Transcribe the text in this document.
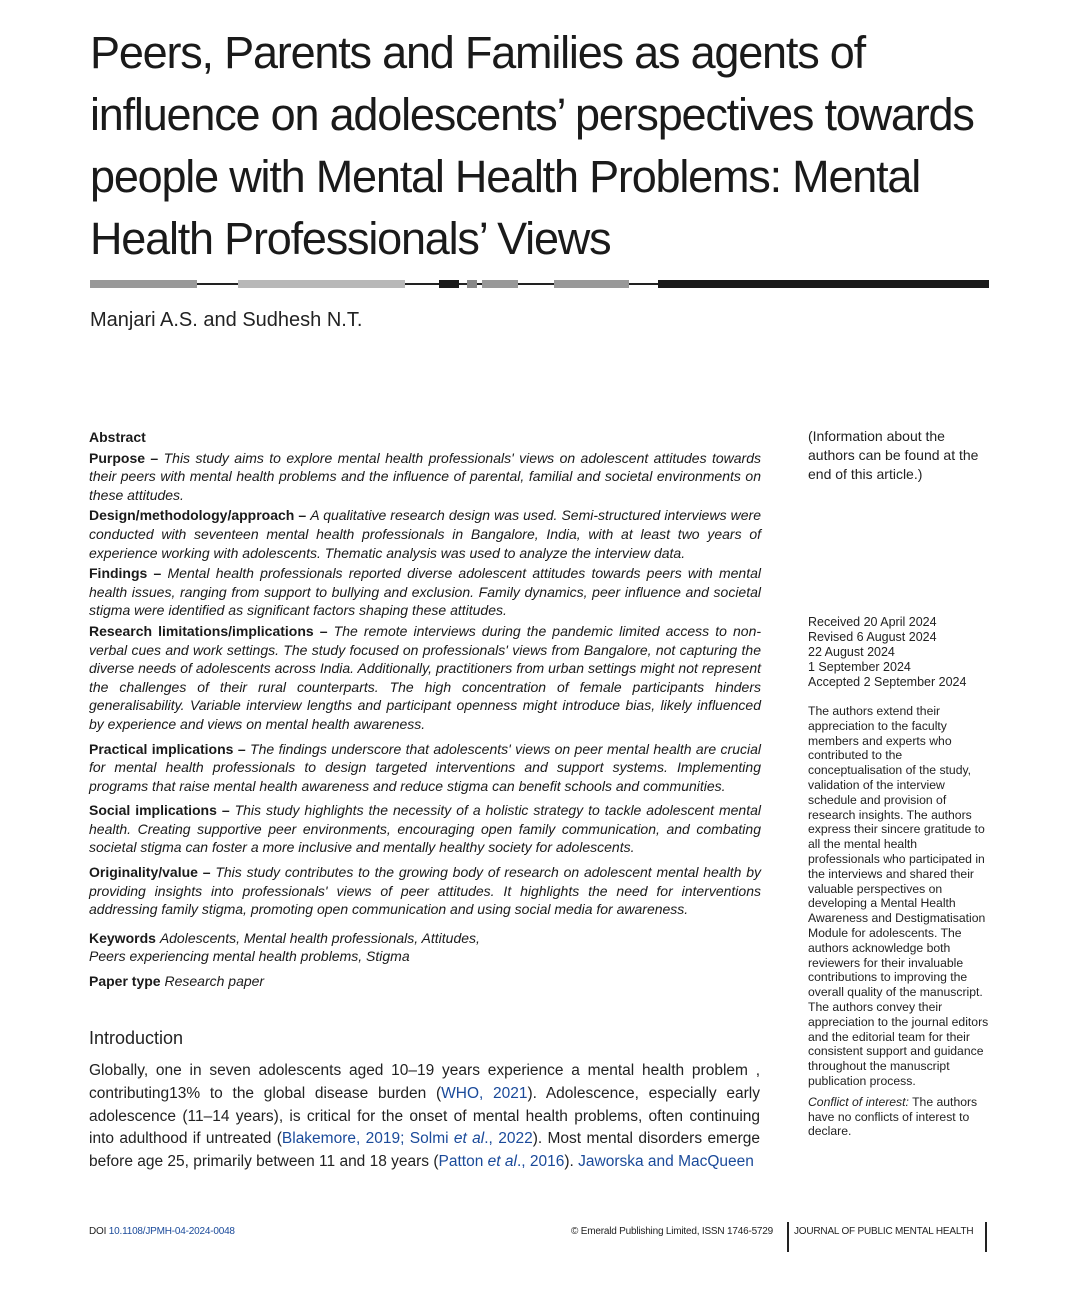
Peers, Parents and Families as agents of influence on adolescents’ perspectives towards people with Mental Health Problems: Mental Health Professionals’ Views

Manjari A.S. and Sudhesh N.T.

Abstract

Purpose – This study aims to explore mental health professionals' views on adolescent attitudes towards their peers with mental health problems and the influence of parental, familial and societal environments on these attitudes.

Design/methodology/approach – A qualitative research design was used. Semi-structured interviews were conducted with seventeen mental health professionals in Bangalore, India, with at least two years of experience working with adolescents. Thematic analysis was used to analyze the interview data.

Findings – Mental health professionals reported diverse adolescent attitudes towards peers with mental health issues, ranging from support to bullying and exclusion. Family dynamics, peer influence and societal stigma were identified as significant factors shaping these attitudes.

Research limitations/implications – The remote interviews during the pandemic limited access to non-verbal cues and work settings. The study focused on professionals' views from Bangalore, not capturing the diverse needs of adolescents across India. Additionally, practitioners from urban settings might not represent the challenges of their rural counterparts. The high concentration of female participants hinders generalisability. Variable interview lengths and participant openness might introduce bias, likely influenced by experience and views on mental health awareness.

Practical implications – The findings underscore that adolescents' views on peer mental health are crucial for mental health professionals to design targeted interventions and support systems. Implementing programs that raise mental health awareness and reduce stigma can benefit schools and communities.

Social implications – This study highlights the necessity of a holistic strategy to tackle adolescent mental health. Creating supportive peer environments, encouraging open family communication, and combating societal stigma can foster a more inclusive and mentally healthy society for adolescents.

Originality/value – This study contributes to the growing body of research on adolescent mental health by providing insights into professionals' views of peer attitudes. It highlights the need for interventions addressing family stigma, promoting open communication and using social media for awareness.

Keywords Adolescents, Mental health professionals, Attitudes,
Peers experiencing mental health problems, Stigma

Paper type Research paper

Introduction

Globally, one in seven adolescents aged 10–19 years experience a mental health problem , contributing13% to the global disease burden (WHO, 2021). Adolescence, especially early adolescence (11–14 years), is critical for the onset of mental health problems, often continuing into adulthood if untreated (Blakemore, 2019; Solmi et al., 2022). Most mental disorders emerge before age 25, primarily between 11 and 18 years (Patton et al., 2016). Jaworska and MacQueen

(Information about the authors can be found at the end of this article.)
Received 20 April 2024
Revised 6 August 2024
22 August 2024
1 September 2024
Accepted 2 September 2024

The authors extend their appreciation to the faculty members and experts who contributed to the conceptualisation of the study, validation of the interview schedule and provision of research insights. The authors express their sincere gratitude to all the mental health professionals who participated in the interviews and shared their valuable perspectives on developing a Mental Health Awareness and Destigmatisation Module for adolescents. The authors acknowledge both reviewers for their invaluable contributions to improving the overall quality of the manuscript. The authors convey their appreciation to the journal editors and the editorial team for their consistent support and guidance throughout the manuscript publication process.

Conflict of interest: The authors have no conflicts of interest to declare.

DOI 10.1108/JPMH-04-2024-0048	© Emerald Publishing Limited, ISSN 1746-5729 JOURNAL OF PUBLIC MENTAL HEALTH
